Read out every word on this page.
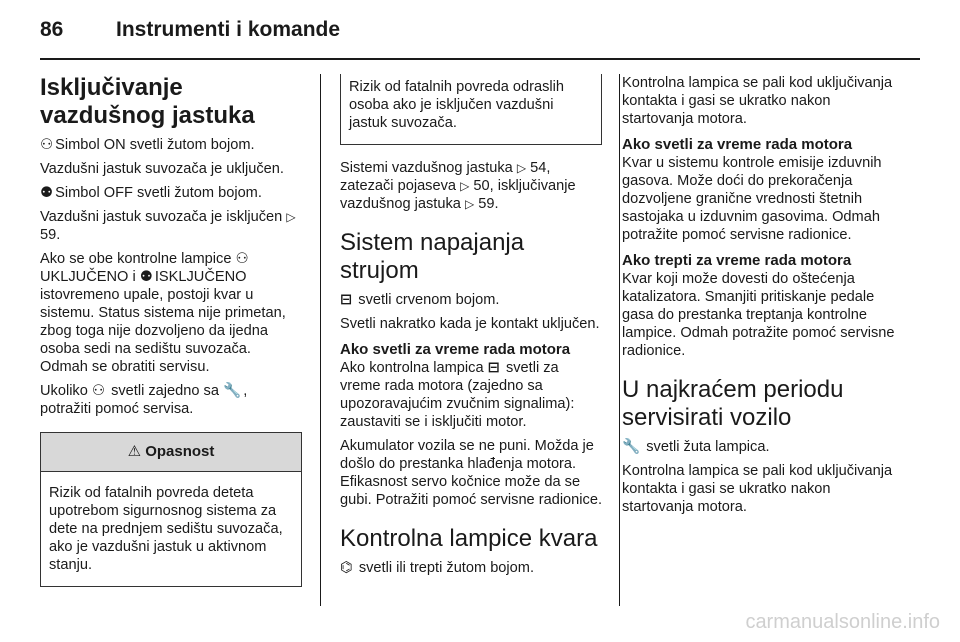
86	Instrumenti i komande
Isključivanje vazdušnog jastuka

⚇ Simbol ON svetli žutom bojom.

Vazdušni jastuk suvozača je uključen.

⚉ Simbol OFF svetli žutom bojom.

Vazdušni jastuk suvozača je isključen ▷ 59.

Ako se obe kontrolne lampice ⚇UKLJUČENO i ⚉ ISKLJUČENO istovremeno upale, postoji kvar u sistemu. Status sistema nije primetan, zbog toga nije dozvoljeno da ijedna osoba sedi na sedištu suvozača. Odmah se obratiti servisu.

Ukoliko ⚇ svetli zajedno sa 🔧 , potražiti pomoć servisa.

⚠ Opasnost

Rizik od fatalnih povreda deteta upotrebom sigurnosnog sistema za dete na prednjem sedištu suvozača, ako je vazdušni jastuk u aktivnom stanju.

Rizik od fatalnih povreda odraslih osoba ako je isključen vazdušni jastuk suvozača.

Sistemi vazdušnog jastuka ▷ 54, zatezači pojaseva ▷ 50, isključivanje vazdušnog jastuka ▷ 59.

Sistem napajanja strujom

⊟ svetli crvenom bojom.

Svetli nakratko kada je kontakt uključen.

Ako svetli za vreme rada motora

Ako kontrolna lampica ⊟ svetli za vreme rada motora (zajedno sa upozoravajućim zvučnim signalima): zaustaviti se i isključiti motor.

Akumulator vozila se ne puni. Možda je došlo do prestanka hlađenja motora. Efikasnost servo kočnice može da se gubi. Potražiti pomoć servisne radionice.

Kontrolna lampice kvara

⌬ svetli ili trepti žutom bojom.

Kontrolna lampica se pali kod uključivanja kontakta i gasi se ukratko nakon startovanja motora.

Ako svetli za vreme rada motora

Kvar u sistemu kontrole emisije izduvnih gasova. Može doći do prekoračenja dozvoljene granične vrednosti štetnih sastojaka u izduvnim gasovima. Odmah potražite pomoć servisne radionice.

Ako trepti za vreme rada motora

Kvar koji može dovesti do oštećenja katalizatora. Smanjiti pritiskanje pedale gasa do prestanka treptanja kontrolne lampice. Odmah potražite pomoć servisne radionice.

U najkraćem periodu servisirati vozilo

🔧 svetli žuta lampica.

Kontrolna lampica se pali kod uključivanja kontakta i gasi se ukratko nakon startovanja motora.

carmanualsonline.info
